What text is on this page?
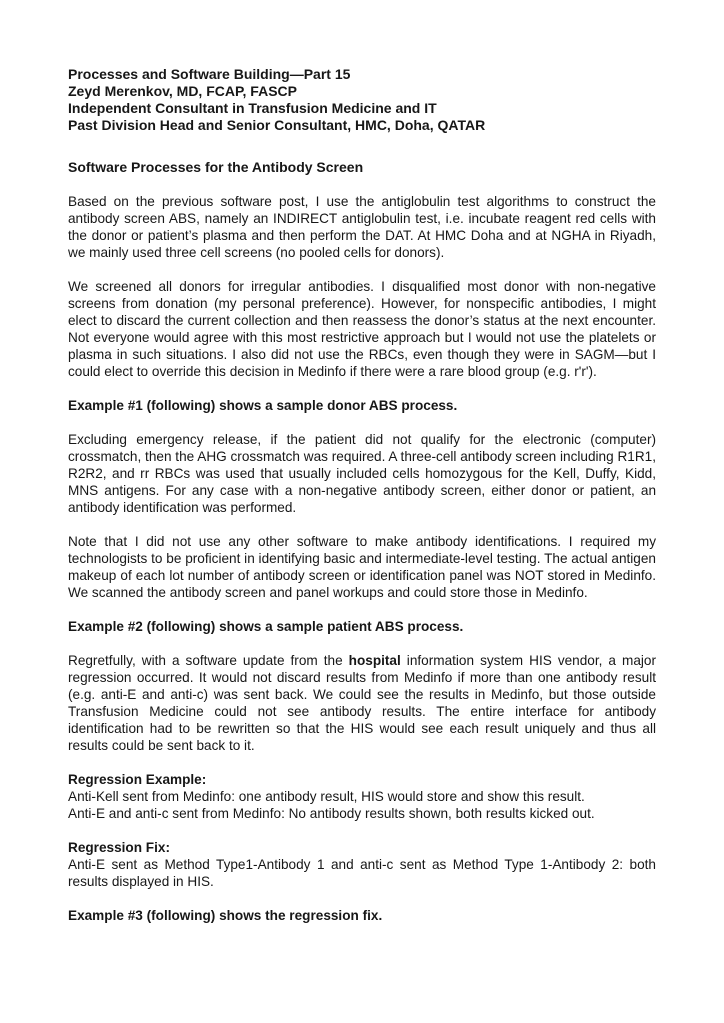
Processes and Software Building—Part 15
Zeyd Merenkov, MD, FCAP, FASCP
Independent Consultant in Transfusion Medicine and IT
Past Division Head and Senior Consultant, HMC, Doha, QATAR
Software Processes for the Antibody Screen

Based on the previous software post, I use the antiglobulin test algorithms to construct the antibody screen ABS, namely an INDIRECT antiglobulin test, i.e. incubate reagent red cells with the donor or patient’s plasma and then perform the DAT. At HMC Doha and at NGHA in Riyadh, we mainly used three cell screens (no pooled cells for donors).

We screened all donors for irregular antibodies. I disqualified most donor with non-negative screens from donation (my personal preference). However, for nonspecific antibodies, I might elect to discard the current collection and then reassess the donor’s status at the next encounter. Not everyone would agree with this most restrictive approach but I would not use the platelets or plasma in such situations. I also did not use the RBCs, even though they were in SAGM—but I could elect to override this decision in Medinfo if there were a rare blood group (e.g. r'r').

Example #1 (following) shows a sample donor ABS process.

Excluding emergency release, if the patient did not qualify for the electronic (computer) crossmatch, then the AHG crossmatch was required. A three-cell antibody screen including R1R1, R2R2, and rr RBCs was used that usually included cells homozygous for the Kell, Duffy, Kidd, MNS antigens. For any case with a non-negative antibody screen, either donor or patient, an antibody identification was performed.

Note that I did not use any other software to make antibody identifications. I required my technologists to be proficient in identifying basic and intermediate-level testing. The actual antigen makeup of each lot number of antibody screen or identification panel was NOT stored in Medinfo. We scanned the antibody screen and panel workups and could store those in Medinfo.

Example #2 (following) shows a sample patient ABS process.

Regretfully, with a software update from the hospital information system HIS vendor, a major regression occurred. It would not discard results from Medinfo if more than one antibody result (e.g. anti-E and anti-c) was sent back. We could see the results in Medinfo, but those outside Transfusion Medicine could not see antibody results. The entire interface for antibody identification had to be rewritten so that the HIS would see each result uniquely and thus all results could be sent back to it.

Regression Example:

Anti-Kell sent from Medinfo: one antibody result, HIS would store and show this result.

Anti-E and anti-c sent from Medinfo: No antibody results shown, both results kicked out.

Regression Fix:

Anti-E sent as Method Type1-Antibody 1 and anti-c sent as Method Type 1-Antibody 2: both results displayed in HIS.

Example #3 (following) shows the regression fix.
